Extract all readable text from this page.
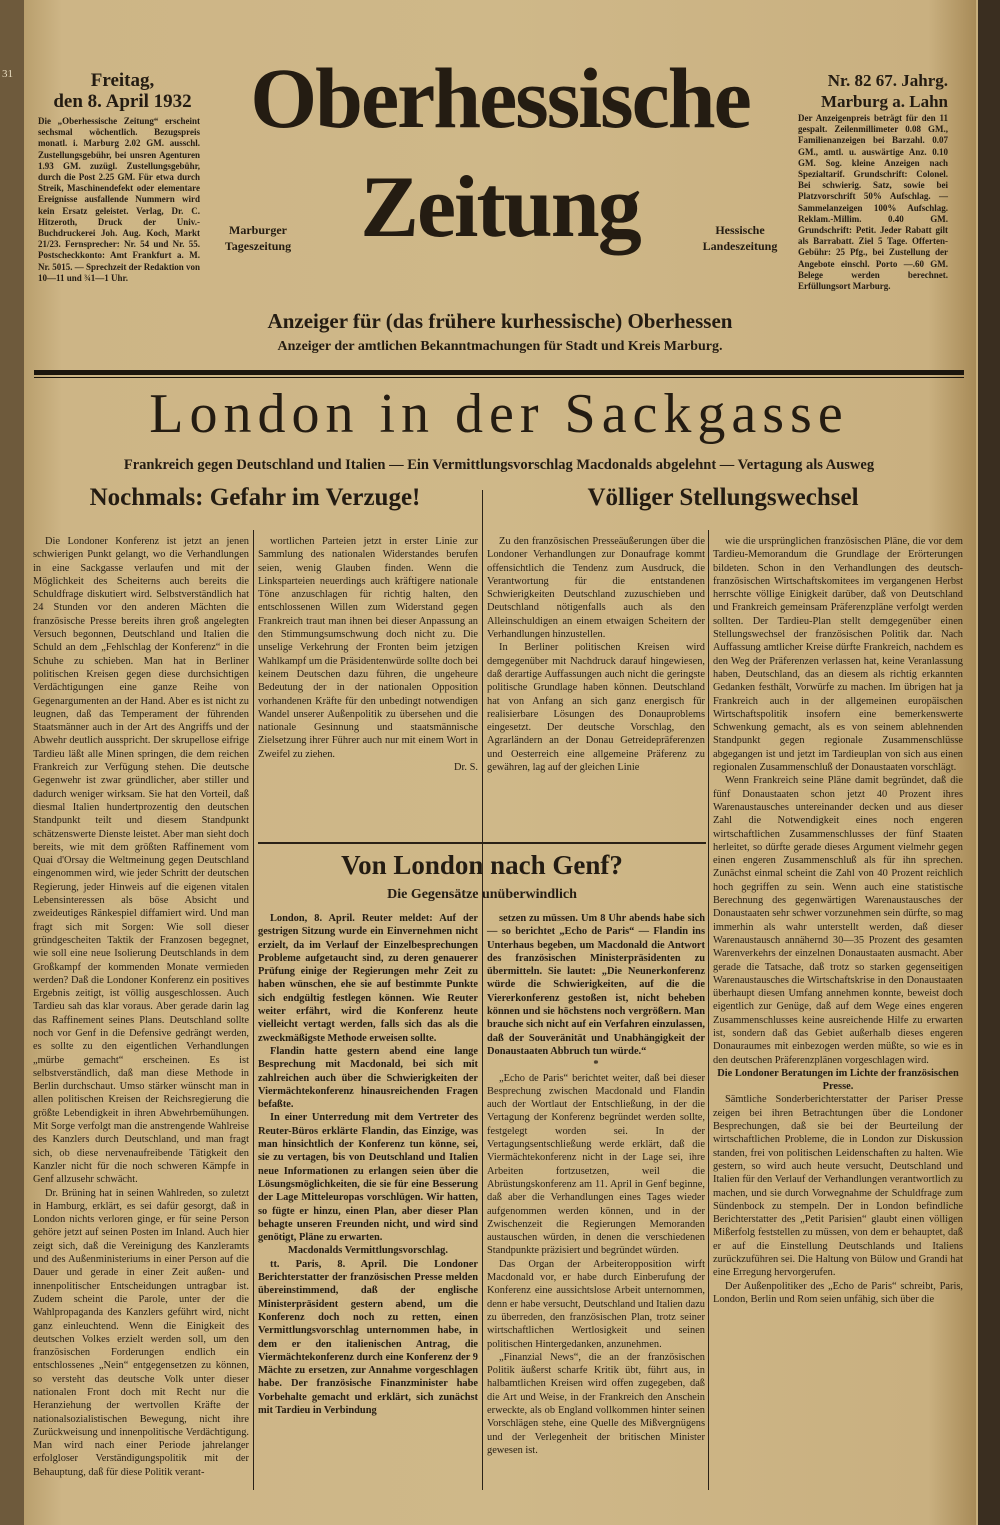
31	Freitag,
den 8. April 1932
Die „Oberhessische Zeitung“ erscheint sechsmal wöchentlich. Bezugspreis monatl. i. Marburg 2.02 GM. ausschl. Zustellungsgebühr, bei unsren Agenturen 1.93 GM. zuzügl. Zustellungsgebühr, durch die Post 2.25 GM. Für etwa durch Streik, Maschinendefekt oder elementare Ereignisse ausfallende Nummern wird kein Ersatz geleistet. Verlag, Dr. C. Hitzeroth, Druck der Univ.-Buchdruckerei Joh. Aug. Koch, Markt 21/23. Fernsprecher: Nr. 54 und Nr. 55. Postscheckkonto: Amt Frankfurt a. M. Nr. 5015. — Sprechzeit der Redaktion von 10—11 und ¾1—1 Uhr.
Oberhessische
Zeitung
Marburger
Tageszeitung
Hessische
Landeszeitung
Nr. 82 67. Jahrg.
Marburg a. Lahn
Der Anzeigenpreis beträgt für den 11 gespalt. Zeilenmillimeter 0.08 GM., Familienanzeigen bei Barzahl. 0.07 GM., amtl. u. auswärtige Anz. 0.10 GM. Sog. kleine Anzeigen nach Spezialtarif. Grundschrift: Colonel. Bei schwierig. Satz, sowie bei Platzvorschrift 50% Aufschlag. — Sammelanzeigen 100% Aufschlag. Reklam.-Millim. 0.40 GM. Grundschrift: Petit. Jeder Rabatt gilt als Barrabatt. Ziel 5 Tage. Offerten-Gebühr: 25 Pfg., bei Zustellung der Angebote einschl. Porto —.60 GM. Belege werden berechnet. Erfüllungsort Marburg.
Anzeiger für (das frühere kurhessische) Oberhessen
Anzeiger der amtlichen Bekanntmachungen für Stadt und Kreis Marburg.
London in der Sackgasse
Frankreich gegen Deutschland und Italien — Ein Vermittlungsvorschlag Macdonalds abgelehnt — Vertagung als Ausweg
Nochmals: Gefahr im Verzuge!	Völliger Stellungswechsel

Die Londoner Konferenz ist jetzt an jenen schwierigen Punkt gelangt, wo die Verhandlungen in eine Sackgasse verlaufen und mit der Möglichkeit des Scheiterns auch bereits die Schuldfrage diskutiert wird. Selbstverständlich hat 24 Stunden vor den anderen Mächten die französische Presse bereits ihren groß angelegten Versuch begonnen, Deutschland und Italien die Schuld an dem „Fehlschlag der Konferenz“ in die Schuhe zu schieben. Man hat in Berliner politischen Kreisen gegen diese durchsichtigen Verdächtigungen eine ganze Reihe von Gegenargumenten an der Hand. Aber es ist nicht zu leugnen, daß das Temperament der führenden Staatsmänner auch in der Art des Angriffs und der Abwehr deutlich ausspricht. Der skrupellose eifrige Tardieu läßt alle Minen springen, die dem reichen Frankreich zur Verfügung stehen. Die deutsche Gegenwehr ist zwar gründlicher, aber stiller und dadurch weniger wirksam. Sie hat den Vorteil, daß diesmal Italien hundertprozentig den deutschen Standpunkt teilt und diesem Standpunkt schätzenswerte Dienste leistet. Aber man sieht doch bereits, wie mit dem größten Raffinement vom Quai d'Orsay die Weltmeinung gegen Deutschland eingenommen wird, wie jeder Schritt der deutschen Regierung, jeder Hinweis auf die eigenen vitalen Lebensinteressen als böse Absicht und zweideutiges Ränkespiel diffamiert wird. Und man fragt sich mit Sorgen: Wie soll dieser gründgescheiten Taktik der Franzosen begegnet, wie soll eine neue Isolierung Deutschlands in dem Großkampf der kommenden Monate vermieden werden? Daß die Londoner Konferenz ein positives Ergebnis zeitigt, ist völlig ausgeschlossen. Auch Tardieu sah das klar voraus. Aber gerade darin lag das Raffinement seines Plans. Deutschland sollte noch vor Genf in die Defensive gedrängt werden, es sollte zu den eigentlichen Verhandlungen „mürbe gemacht“ erscheinen. Es ist selbstverständlich, daß man diese Methode in Berlin durchschaut. Umso stärker wünscht man in allen politischen Kreisen der Reichsregierung die größte Lebendigkeit in ihren Abwehrbemühungen. Mit Sorge verfolgt man die anstrengende Wahlreise des Kanzlers durch Deutschland, und man fragt sich, ob diese nervenaufreibende Tätigkeit den Kanzler nicht für die noch schweren Kämpfe in Genf allzusehr schwächt.

Dr. Brüning hat in seinen Wahlreden, so zuletzt in Hamburg, erklärt, es sei dafür gesorgt, daß in London nichts verloren ginge, er für seine Person gehöre jetzt auf seinen Posten im Inland. Auch hier zeigt sich, daß die Vereinigung des Kanzleramts und des Außenministeriums in einer Person auf die Dauer und gerade in einer Zeit außen- und innenpolitischer Entscheidungen untragbar ist. Zudem scheint die Parole, unter der die Wahlpropaganda des Kanzlers geführt wird, nicht ganz einleuchtend. Wenn die Einigkeit des deutschen Volkes erzielt werden soll, um den französischen Forderungen endlich ein entschlossenes „Nein“ entgegensetzen zu können, so versteht das deutsche Volk unter dieser nationalen Front doch mit Recht nur die Heranziehung der wertvollen Kräfte der nationalsozialistischen Bewegung, nicht ihre Zurückweisung und innenpolitische Verdächtigung. Man wird nach einer Periode jahrelanger erfolgloser Verständigungspolitik mit der Behauptung, daß für diese Politik verant-

wortlichen Parteien jetzt in erster Linie zur Sammlung des nationalen Widerstandes berufen seien, wenig Glauben finden. Wenn die Linksparteien neuerdings auch kräftigere nationale Töne anzuschlagen für richtig halten, den entschlossenen Willen zum Widerstand gegen Frankreich traut man ihnen bei dieser Anpassung an den Stimmungsumschwung doch nicht zu. Die unselige Verkehrung der Fronten beim jetzigen Wahlkampf um die Präsidentenwürde sollte doch bei keinem Deutschen dazu führen, die ungeheure Bedeutung der in der nationalen Opposition vorhandenen Kräfte für den unbedingt notwendigen Wandel unserer Außenpolitik zu übersehen und die nationale Gesinnung und staatsmännische Zielsetzung ihrer Führer auch nur mit einem Wort in Zweifel zu ziehen.

Dr. S.

Zu den französischen Presseäußerungen über die Londoner Verhandlungen zur Donaufrage kommt offensichtlich die Tendenz zum Ausdruck, die Verantwortung für die entstandenen Schwierigkeiten Deutschland zuzuschieben und Deutschland nötigenfalls auch als den Alleinschuldigen an einem etwaigen Scheitern der Verhandlungen hinzustellen.

In Berliner politischen Kreisen wird demgegenüber mit Nachdruck darauf hingewiesen, daß derartige Auffassungen auch nicht die geringste politische Grundlage haben können. Deutschland hat von Anfang an sich ganz energisch für realisierbare Lösungen des Donauproblems eingesetzt. Der deutsche Vorschlag, den Agrarländern an der Donau Getreidepräferenzen und Oesterreich eine allgemeine Präferenz zu gewähren, lag auf der gleichen Linie

wie die ursprünglichen französischen Pläne, die vor dem Tardieu-Memorandum die Grundlage der Erörterungen bildeten. Schon in den Verhandlungen des deutsch-französischen Wirtschaftskomitees im vergangenen Herbst herrschte völlige Einigkeit darüber, daß von Deutschland und Frankreich gemeinsam Präferenzpläne verfolgt werden sollten. Der Tardieu-Plan stellt demgegenüber einen Stellungswechsel der französischen Politik dar. Nach Auffassung amtlicher Kreise dürfte Frankreich, nachdem es den Weg der Präferenzen verlassen hat, keine Veranlassung haben, Deutschland, das an diesem als richtig erkannten Gedanken festhält, Vorwürfe zu machen. Im übrigen hat ja Frankreich auch in der allgemeinen europäischen Wirtschaftspolitik insofern eine bemerkenswerte Schwenkung gemacht, als es von seinem ablehnenden Standpunkt gegen regionale Zusammenschlüsse abgegangen ist und jetzt im Tardieuplan von sich aus einen regionalen Zusammenschluß der Donaustaaten vorschlägt.

Wenn Frankreich seine Pläne damit begründet, daß die fünf Donaustaaten schon jetzt 40 Prozent ihres Warenaustausches untereinander decken und aus dieser Zahl die Notwendigkeit eines noch engeren wirtschaftlichen Zusammenschlusses der fünf Staaten herleitet, so dürfte gerade dieses Argument vielmehr gegen einen engeren Zusammenschluß als für ihn sprechen. Zunächst einmal scheint die Zahl von 40 Prozent reichlich hoch gegriffen zu sein. Wenn auch eine statistische Berechnung des gegenwärtigen Warenaustausches der Donaustaaten sehr schwer vorzunehmen sein dürfte, so mag immerhin als wahr unterstellt werden, daß dieser Warenaustausch annähernd 30—35 Prozent des gesamten Warenverkehrs der einzelnen Donaustaaten ausmacht. Aber gerade die Tatsache, daß trotz so starken gegenseitigen Warenaustausches die Wirtschaftskrise in den Donaustaaten überhaupt diesen Umfang annehmen konnte, beweist doch eigentlich zur Genüge, daß auf dem Wege eines engeren Zusammenschlusses keine ausreichende Hilfe zu erwarten ist, sondern daß das Gebiet außerhalb dieses engeren Donauraumes mit einbezogen werden müßte, so wie es in den deutschen Präferenzplänen vorgeschlagen wird.

Die Londoner Beratungen im Lichte der französischen Presse.

Sämtliche Sonderberichterstatter der Pariser Presse zeigen bei ihren Betrachtungen über die Londoner Besprechungen, daß sie bei der Beurteilung der wirtschaftlichen Probleme, die in London zur Diskussion standen, frei von politischen Leidenschaften zu halten. Wie gestern, so wird auch heute versucht, Deutschland und Italien für den Verlauf der Verhandlungen verantwortlich zu machen, und sie durch Vorwegnahme der Schuldfrage zum Sündenbock zu stempeln. Der in London befindliche Berichterstatter des „Petit Parisien“ glaubt einen völligen Mißerfolg feststellen zu müssen, von dem er behauptet, daß er auf die Einstellung Deutschlands und Italiens zurückzuführen sei. Die Haltung von Bülow und Grandi hat eine Erregung hervorgerufen.

Der Außenpolitiker des „Echo de Paris“ schreibt, Paris, London, Berlin und Rom seien unfähig, sich über die

Von London nach Genf?
Die Gegensätze unüberwindlich

London, 8. April. Reuter meldet: Auf der gestrigen Sitzung wurde ein Einvernehmen nicht erzielt, da im Verlauf der Einzelbesprechungen Probleme aufgetaucht sind, zu deren genauerer Prüfung einige der Regierungen mehr Zeit zu haben wünschen, ehe sie auf bestimmte Punkte sich endgültig festlegen können. Wie Reuter weiter erfährt, wird die Konferenz heute vielleicht vertagt werden, falls sich das als die zweckmäßigste Methode erweisen sollte.

Flandin hatte gestern abend eine lange Besprechung mit Macdonald, bei sich mit zahlreichen auch über die Schwierigkeiten der Viermächtekonferenz hinausreichenden Fragen befaßte.

In einer Unterredung mit dem Vertreter des Reuter-Büros erklärte Flandin, das Einzige, was man hinsichtlich der Konferenz tun könne, sei, sie zu vertagen, bis von Deutschland und Italien neue Informationen zu erlangen seien über die Lösungsmöglichkeiten, die sie für eine Besserung der Lage Mitteleuropas vorschlügen. Wir hatten, so fügte er hinzu, einen Plan, aber dieser Plan behagte unseren Freunden nicht, und wird sind genötigt, Pläne zu erwarten.

Macdonalds Vermittlungsvorschlag.

tt. Paris, 8. April. Die Londoner Berichterstatter der französischen Presse melden übereinstimmend, daß der englische Ministerpräsident gestern abend, um die Konferenz doch noch zu retten, einen Vermittlungsvorschlag unternommen habe, in dem er den italienischen Antrag, die Viermächtekonferenz durch eine Konferenz der 9 Mächte zu ersetzen, zur Annahme vorgeschlagen habe. Der französische Finanzminister habe Vorbehalte gemacht und erklärt, sich zunächst mit Tardieu in Verbindung

setzen zu müssen. Um 8 Uhr abends habe sich — so berichtet „Echo de Paris“ — Flandin ins Unterhaus begeben, um Macdonald die Antwort des französischen Ministerpräsidenten zu übermitteln. Sie lautet: „Die Neunerkonferenz würde die Schwierigkeiten, auf die die Viererkonferenz gestoßen ist, nicht beheben können und sie höchstens noch vergrößern. Man brauche sich nicht auf ein Verfahren einzulassen, daß der Souveränität und Unabhängigkeit der Donaustaaten Abbruch tun würde.“

*

„Echo de Paris“ berichtet weiter, daß bei dieser Besprechung zwischen Macdonald und Flandin auch der Wortlaut der Entschließung, in der die Vertagung der Konferenz begründet werden sollte, festgelegt worden sei. In der Vertagungsentschließung werde erklärt, daß die Viermächtekonferenz nicht in der Lage sei, ihre Arbeiten fortzusetzen, weil die Abrüstungskonferenz am 11. April in Genf beginne, daß aber die Verhandlungen eines Tages wieder aufgenommen werden können, und in der Zwischenzeit die Regierungen Memoranden austauschen würden, in denen die verschiedenen Standpunkte präzisiert und begründet würden.

Das Organ der Arbeiteropposition wirft Macdonald vor, er habe durch Einberufung der Konferenz eine aussichtslose Arbeit unternommen, denn er habe versucht, Deutschland und Italien dazu zu überreden, den französischen Plan, trotz seiner wirtschaftlichen Wertlosigkeit und seinen politischen Hintergedanken, anzunehmen.

„Finanzial News“, die an der französischen Politik äußerst scharfe Kritik übt, führt aus, in halbamtlichen Kreisen wird offen zugegeben, daß die Art und Weise, in der Frankreich den Anschein erweckte, als ob England vollkommen hinter seinen Vorschlägen stehe, eine Quelle des Mißvergnügens und der Verlegenheit der britischen Minister gewesen ist.
